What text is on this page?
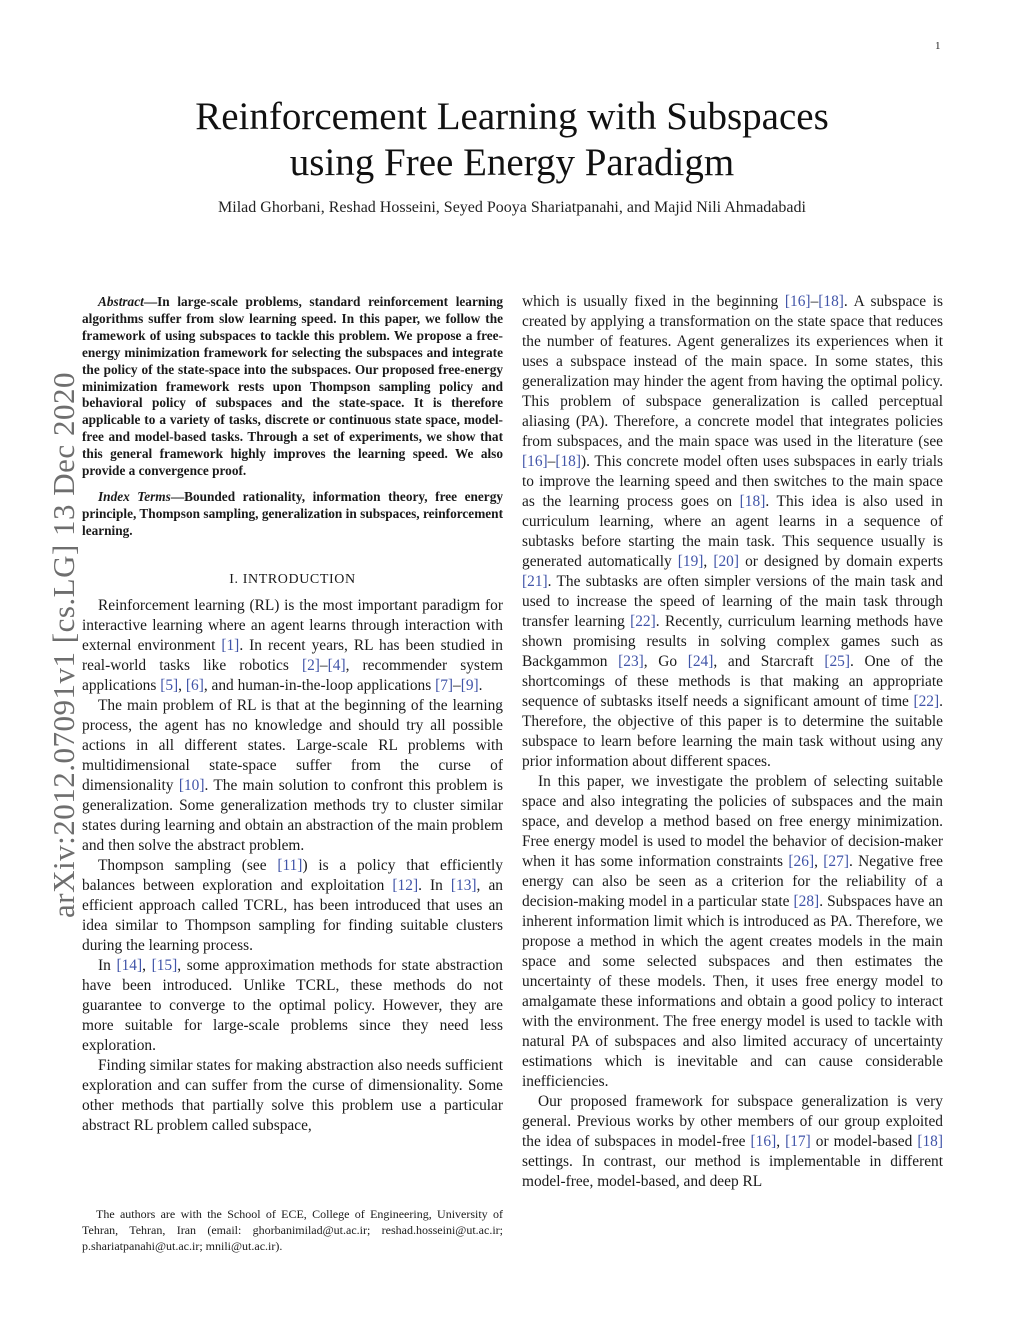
1
arXiv:2012.07091v1 [cs.LG] 13 Dec 2020
Reinforcement Learning with Subspaces
using Free Energy Paradigm
Milad Ghorbani, Reshad Hosseini, Seyed Pooya Shariatpanahi, and Majid Nili Ahmadabadi

Abstract—In large-scale problems, standard reinforcement learning algorithms suffer from slow learning speed. In this paper, we follow the framework of using subspaces to tackle this problem. We propose a free-energy minimization framework for selecting the subspaces and integrate the policy of the state-space into the subspaces. Our proposed free-energy minimization framework rests upon Thompson sampling policy and behavioral policy of subspaces and the state-space. It is therefore applicable to a variety of tasks, discrete or continuous state space, model-free and model-based tasks. Through a set of experiments, we show that this general framework highly improves the learning speed. We also provide a convergence proof.

Index Terms—Bounded rationality, information theory, free energy principle, Thompson sampling, generalization in subspaces, reinforcement learning.

I. INTRODUCTION

Reinforcement learning (RL) is the most important paradigm for interactive learning where an agent learns through interaction with external environment [1]. In recent years, RL has been studied in real-world tasks like robotics [2]–[4], recommender system applications [5], [6], and human-in-the-loop applications [7]–[9].

The main problem of RL is that at the beginning of the learning process, the agent has no knowledge and should try all possible actions in all different states. Large-scale RL problems with multidimensional state-space suffer from the curse of dimensionality [10]. The main solution to confront this problem is generalization. Some generalization methods try to cluster similar states during learning and obtain an abstraction of the main problem and then solve the abstract problem.

Thompson sampling (see [11]) is a policy that efficiently balances between exploration and exploitation [12]. In [13], an efficient approach called TCRL, has been introduced that uses an idea similar to Thompson sampling for finding suitable clusters during the learning process.

In [14], [15], some approximation methods for state abstraction have been introduced. Unlike TCRL, these methods do not guarantee to converge to the optimal policy. However, they are more suitable for large-scale problems since they need less exploration.

Finding similar states for making abstraction also needs sufficient exploration and can suffer from the curse of dimensionality. Some other methods that partially solve this problem use a particular abstract RL problem called subspace,

which is usually fixed in the beginning [16]–[18]. A subspace is created by applying a transformation on the state space that reduces the number of features. Agent generalizes its experiences when it uses a subspace instead of the main space. In some states, this generalization may hinder the agent from having the optimal policy. This problem of subspace generalization is called perceptual aliasing (PA). Therefore, a concrete model that integrates policies from subspaces, and the main space was used in the literature (see [16]–[18]). This concrete model often uses subspaces in early trials to improve the learning speed and then switches to the main space as the learning process goes on [18]. This idea is also used in curriculum learning, where an agent learns in a sequence of subtasks before starting the main task. This sequence usually is generated automatically [19], [20] or designed by domain experts [21]. The subtasks are often simpler versions of the main task and used to increase the speed of learning of the main task through transfer learning [22]. Recently, curriculum learning methods have shown promising results in solving complex games such as Backgammon [23], Go [24], and Starcraft [25]. One of the shortcomings of these methods is that making an appropriate sequence of subtasks itself needs a significant amount of time [22]. Therefore, the objective of this paper is to determine the suitable subspace to learn before learning the main task without using any prior information about different spaces.

In this paper, we investigate the problem of selecting suitable space and also integrating the policies of subspaces and the main space, and develop a method based on free energy minimization. Free energy model is used to model the behavior of decision-maker when it has some information constraints [26], [27]. Negative free energy can also be seen as a criterion for the reliability of a decision-making model in a particular state [28]. Subspaces have an inherent information limit which is introduced as PA. Therefore, we propose a method in which the agent creates models in the main space and some selected subspaces and then estimates the uncertainty of these models. Then, it uses free energy model to amalgamate these informations and obtain a good policy to interact with the environment. The free energy model is used to tackle with natural PA of subspaces and also limited accuracy of uncertainty estimations which is inevitable and can cause considerable inefficiencies.

Our proposed framework for subspace generalization is very general. Previous works by other members of our group exploited the idea of subspaces in model-free [16], [17] or model-based [18] settings. In contrast, our method is implementable in different model-free, model-based, and deep RL

The authors are with the School of ECE, College of Engineering, University of Tehran, Tehran, Iran (email: ghorbanimilad@ut.ac.ir; reshad.hosseini@ut.ac.ir; p.shariatpanahi@ut.ac.ir; mnili@ut.ac.ir).
